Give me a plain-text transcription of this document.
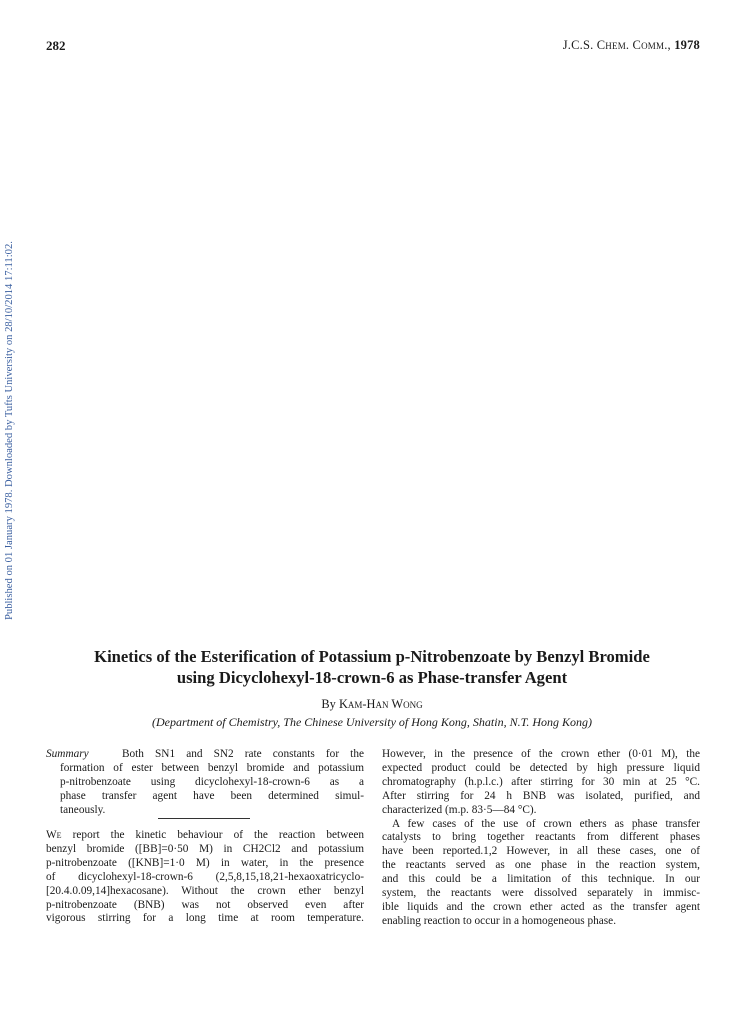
282	J.C.S. Chem. Comm., 1978
Published on 01 January 1978. Downloaded by Tufts University on 28/10/2014 17:11:02.
Kinetics of the Esterification of Potassium p-Nitrobenzoate by Benzyl Bromide
using Dicyclohexyl-18-crown-6 as Phase-transfer Agent
By Kam-Han Wong
(Department of Chemistry, The Chinese University of Hong Kong, Shatin, N.T. Hong Kong)
Summary	Both SN1 and SN2 rate constants for the
formation of ester between benzyl bromide and potassium
p-nitrobenzoate using dicyclohexyl-18-crown-6 as a
phase transfer agent have been determined simul-
taneously.
We report the kinetic behaviour of the reaction between
benzyl bromide ([BB]=0·50 M) in CH2Cl2 and potassium
p-nitrobenzoate ([KNB]=1·0 M) in water, in the presence
of dicyclohexyl-18-crown-6 (2,5,8,15,18,21-hexaoxatricyclo-
[20.4.0.09,14]hexacosane). Without the crown ether benzyl
p-nitrobenzoate (BNB) was not observed even after
vigorous stirring for a long time at room temperature.
However, in the presence of the crown ether (0·01 M), the
expected product could be detected by high pressure liquid
chromatography (h.p.l.c.) after stirring for 30 min at 25 °C.
After stirring for 24 h BNB was isolated, purified, and
characterized (m.p. 83·5—84 °C).
A few cases of the use of crown ethers as phase transfer
catalysts to bring together reactants from different phases
have been reported.1,2 However, in all these cases, one of
the reactants served as one phase in the reaction system,
and this could be a limitation of this technique. In our
system, the reactants were dissolved separately in immisc-
ible liquids and the crown ether acted as the transfer agent
enabling reaction to occur in a homogeneous phase.
